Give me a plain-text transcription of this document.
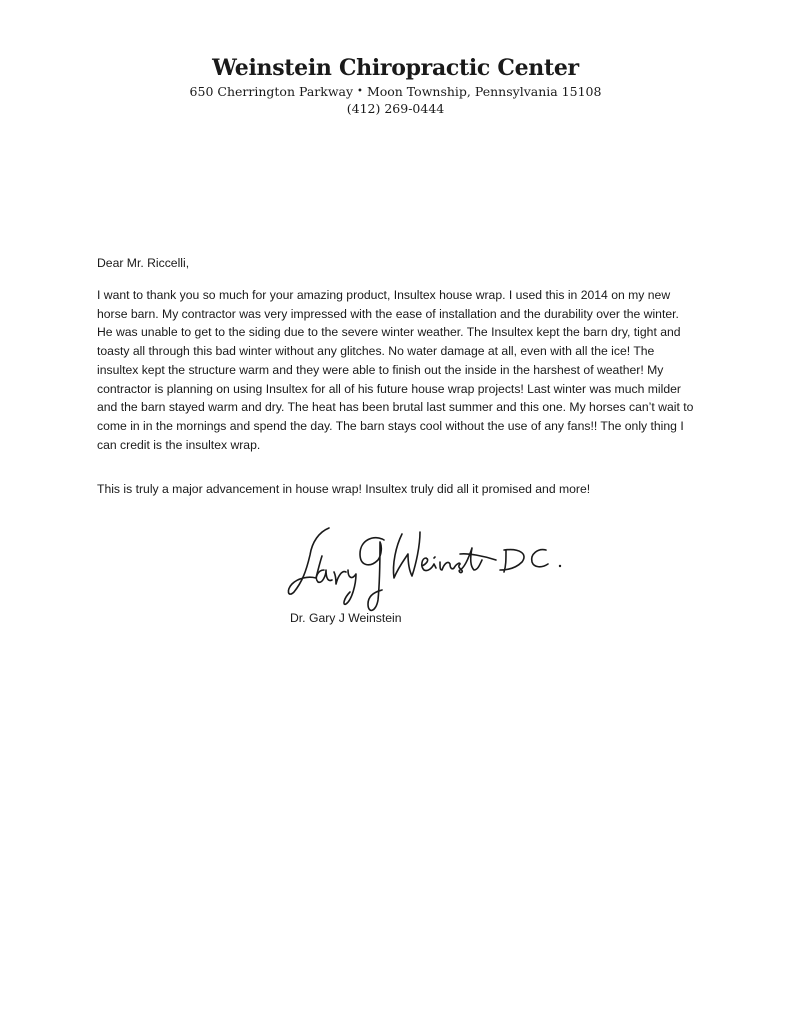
Weinstein Chiropractic Center
650 Cherrington Parkway • Moon Township, Pennsylvania 15108
(412) 269-0444

Dear Mr. Riccelli,

I want to thank you so much for your amazing product, Insultex house wrap. I used this in 2014 on my new horse barn. My contractor was very impressed with the ease of installation and the durability over the winter. He was unable to get to the siding due to the severe winter weather. The Insultex kept the barn dry, tight and toasty all through this bad winter without any glitches. No water damage at all, even with all the ice! The insultex kept the structure warm and they were able to finish out the inside in the harshest of weather! My contractor is planning on using Insultex for all of his future house wrap projects! Last winter was much milder and the barn stayed warm and dry. The heat has been brutal last summer and this one. My horses can’t wait to come in in the mornings and spend the day. The barn stays cool without the use of any fans!! The only thing I can credit is the insultex wrap.

This is truly a major advancement in house wrap! Insultex truly did all it promised and more!

Dr. Gary J Weinstein
